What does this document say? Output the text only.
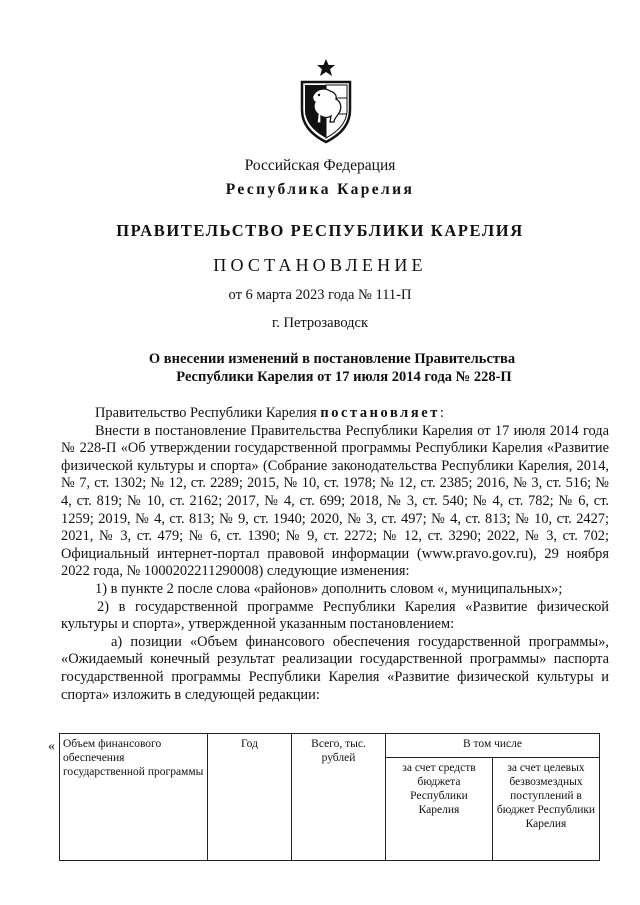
Российская Федерация
Республика Карелия
ПРАВИТЕЛЬСТВО РЕСПУБЛИКИ КАРЕЛИЯ
ПОСТАНОВЛЕНИЕ
от 6 марта 2023 года № 111-П
г. Петрозаводск
О внесении изменений в постановление Правительства
Республики Карелия от 17 июля 2014 года № 228-П

Правительство Республики Карелия постановляет:

Внести в постановление Правительства Республики Карелия от 17 июля 2014 года № 228-П «Об утверждении государственной программы Республики Карелия «Развитие физической культуры и спорта» (Собрание законодательства Республики Карелия, 2014, № 7, ст. 1302; № 12, ст. 2289; 2015, № 10, ст. 1978; № 12, ст. 2385; 2016, № 3, ст. 516; № 4, ст. 819; № 10, ст. 2162; 2017, № 4, ст. 699; 2018, № 3, ст. 540; № 4, ст. 782; № 6, ст. 1259; 2019, № 4, ст. 813; № 9, ст. 1940; 2020, № 3, ст. 497; № 4, ст. 813; № 10, ст. 2427; 2021, № 3, ст. 479; № 6, ст. 1390; № 9, ст. 2272; № 12, ст. 3290; 2022, № 3, ст. 702; Официальный интернет-портал правовой информации (www.pravo.gov.ru), 29 ноября 2022 года, № 1000202211290008) следующие изменения:

1) в пункте 2 после слова «районов» дополнить словом «, муниципальных»;

2) в государственной программе Республики Карелия «Развитие физической культуры и спорта», утвержденной указанным постановлением:

а) позиции «Объем финансового обеспечения государственной программы», «Ожидаемый конечный результат реализации государственной программы» паспорта государственной программы Республики Карелия «Развитие физической культуры и спорта» изложить в следующей редакции:

« Объем финансового обеспечения государственной программы	Год	Всего, тыс. рублей	В том числе	
			за счет средств бюджета Республики Карелия	за счет целевых безвозмездных поступлений в бюджет Республики Карелия
